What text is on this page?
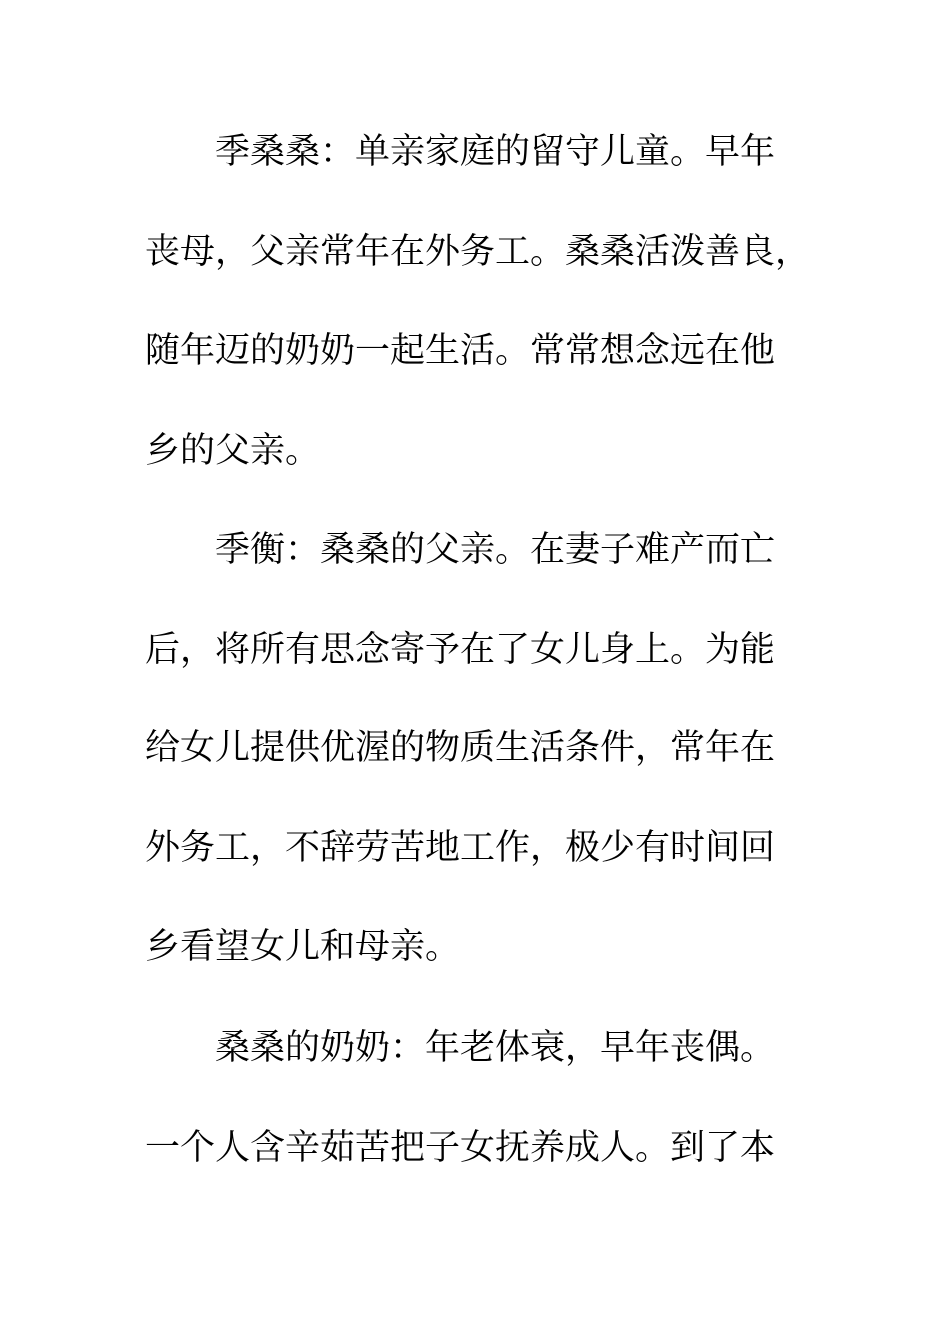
季桑桑：单亲家庭的留守儿童。早年
丧母，父亲常年在外务工。桑桑活泼善良，
随年迈的奶奶一起生活。常常想念远在他
乡的父亲。
季衡：桑桑的父亲。在妻子难产而亡
后，将所有思念寄予在了女儿身上。为能
给女儿提供优渥的物质生活条件，常年在
外务工，不辞劳苦地工作，极少有时间回
乡看望女儿和母亲。
桑桑的奶奶：年老体衰，早年丧偶。
一个人含辛茹苦把子女抚养成人。到了本
